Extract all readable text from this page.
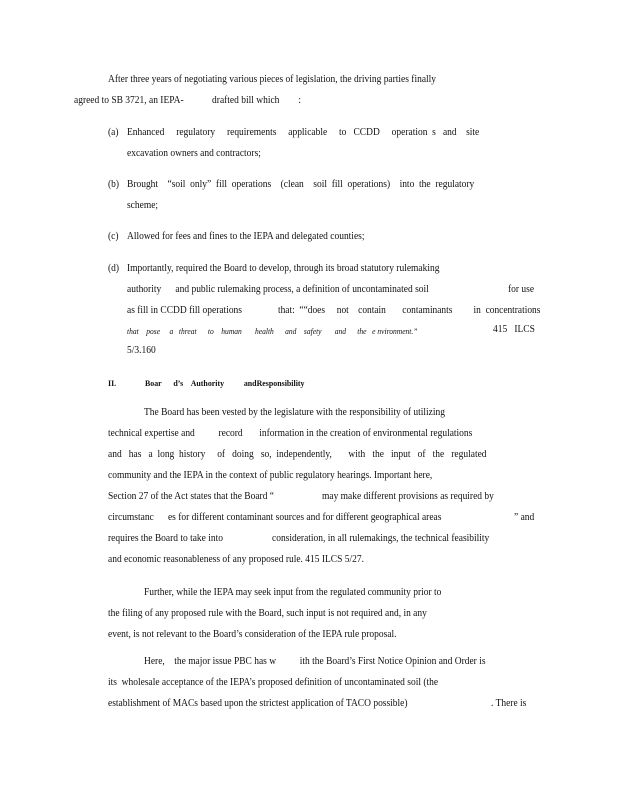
After three years of negotiating various pieces of legislation, the driving parties finally
agreed to SB 3721, an IEPA-            drafted bill which        :
(a) Enhanced     regulatory     requirements     applicable     to   CCDD     operation  s   and    site
excavation owners and contractors;
(b) Brought    “soil  only”  fill  operations    (clean    soil  fill  operations)    into  the  regulatory
scheme;
(c) Allowed for fees and fines to the IEPA and delegated counties;
(d) Importantly, required the Board to develop, through its broad statutory rulemaking
authority      and public rulemaking process, a definition of uncontaminated soil	for use
as fill in CCDD fill operations	that:  ““does     not    contain       contaminants         in  concentrations
that    pose     a   threat      to    human       health      and    safety       and      the   e nvironment.”	415   ILCS
5/3.160
II.	Boar      d’s    Authority          andResponsibility
The Board has been vested by the legislature with the responsibility of utilizing
technical expertise and          record       information in the creation of environmental regulations
and   has   a  long  history     of   doing   so,  independently,       with   the   input   of   the   regulated
community and the IEPA in the context of public regulatory hearings. Important here,
Section 27 of the Act states that the Board “	may make different provisions as required by
circumstanc      es for different contaminant sources and for different geographical areas	” and
requires the Board to take into	consideration, in all rulemakings, the technical feasibility
and economic reasonableness of any proposed rule. 415 ILCS 5/27.
Further, while the IEPA may seek input from the regulated community prior to
the filing of any proposed rule with the Board, such input is not required and, in any
event, is not relevant to the Board’s consideration of the IEPA rule proposal.
Here,    the major issue PBC has w          ith the Board’s First Notice Opinion and Order is
its  wholesale acceptance of the IEPA’s proposed definition of uncontaminated soil (the
establishment of MACs based upon the strictest application of TACO possible)	. There is
